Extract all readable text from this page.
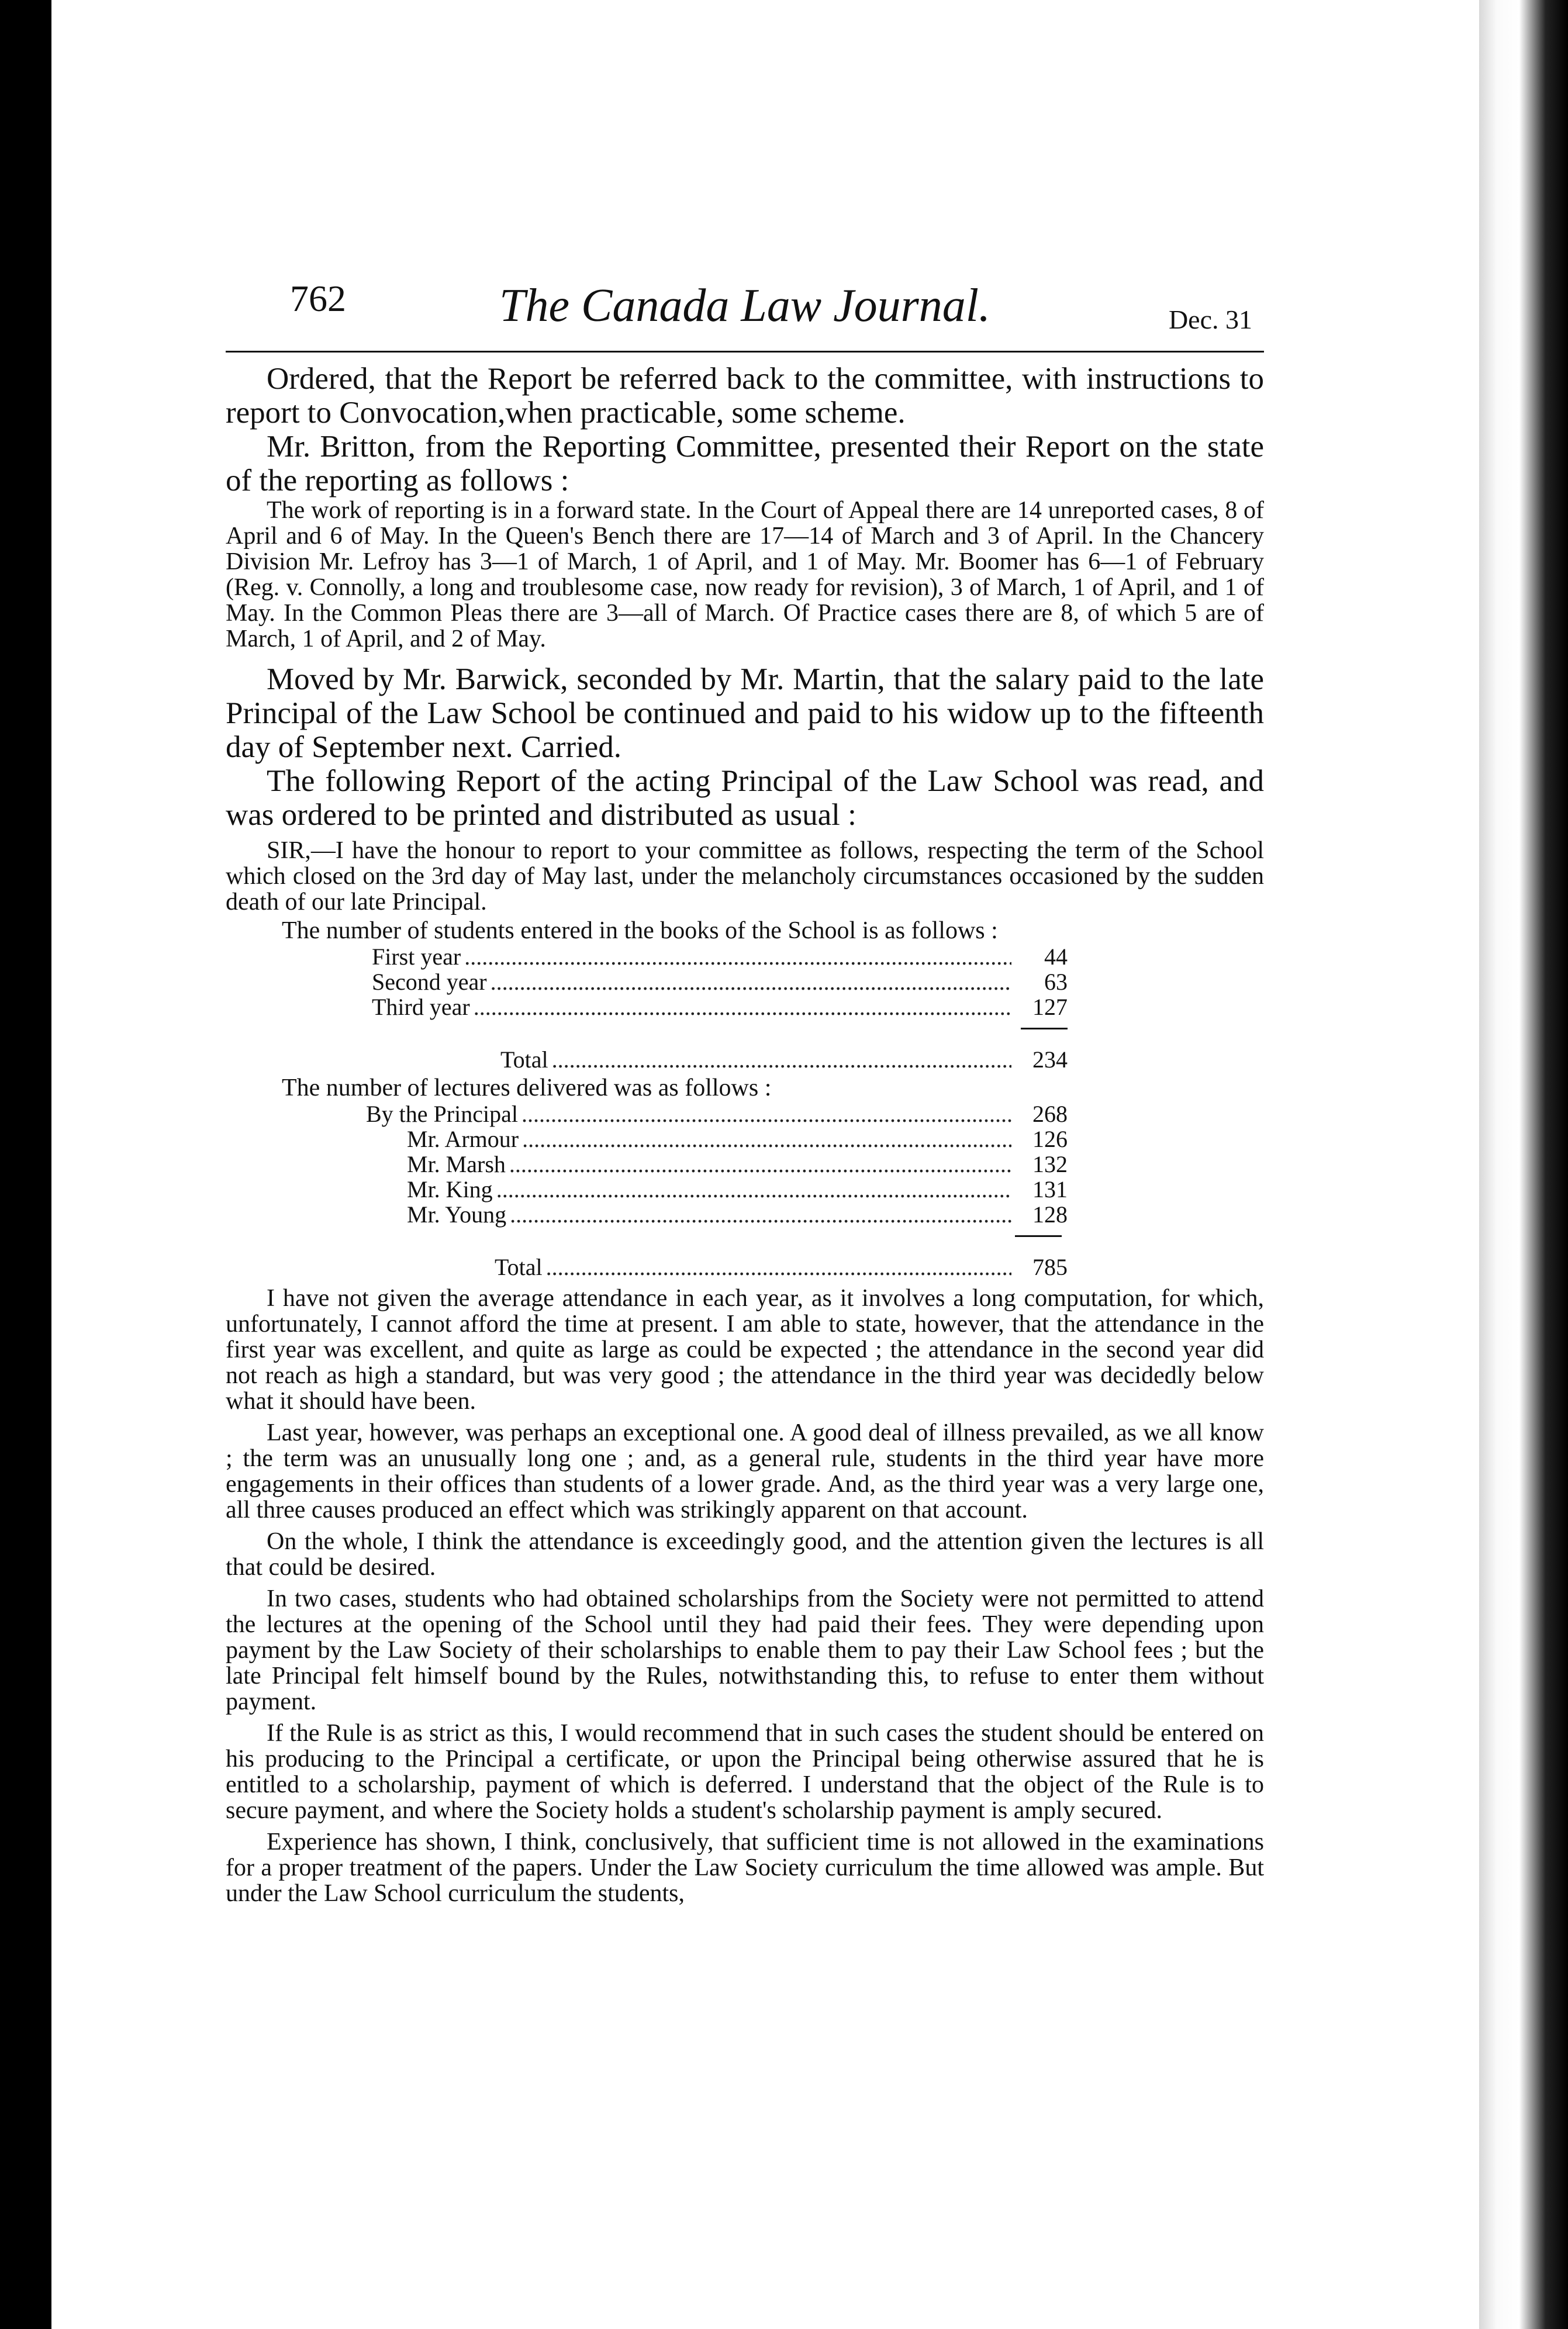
762	The Canada Law Journal.	Dec. 31

Ordered, that the Report be referred back to the committee, with instructions to report to Convocation,when practicable, some scheme.

Mr. Britton, from the Reporting Committee, presented their Report on the state of the reporting as follows :

The work of reporting is in a forward state. In the Court of Appeal there are 14 unreported cases, 8 of April and 6 of May. In the Queen's Bench there are 17—14 of March and 3 of April. In the Chancery Division Mr. Lefroy has 3—1 of March, 1 of April, and 1 of May. Mr. Boomer has 6—1 of February (Reg. v. Connolly, a long and troublesome case, now ready for revision), 3 of March, 1 of April, and 1 of May. In the Common Pleas there are 3—all of March. Of Practice cases there are 8, of which 5 are of March, 1 of April, and 2 of May.

Moved by Mr. Barwick, seconded by Mr. Martin, that the salary paid to the late Principal of the Law School be continued and paid to his widow up to the fifteenth day of September next. Carried.

The following Report of the acting Principal of the Law School was read, and was ordered to be printed and distributed as usual :

SIR,—I have the honour to report to your committee as follows, respecting the term of the School which closed on the 3rd day of May last, under the melancholy circumstances occasioned by the sudden death of our late Principal.

The number of students entered in the books of the School is as follows :
First year .....	44
Second year .....	63
Third year .....	127
Total .....	234
The number of lectures delivered was as follows :
By the Principal .....	268
Mr. Armour .....	126
Mr. Marsh .....	132
Mr. King .....	131
Mr. Young .....	128
Total .....	785

I have not given the average attendance in each year, as it involves a long computation, for which, unfortunately, I cannot afford the time at present. I am able to state, however, that the attendance in the first year was excellent, and quite as large as could be expected ; the attendance in the second year did not reach as high a standard, but was very good ; the attendance in the third year was decidedly below what it should have been.

Last year, however, was perhaps an exceptional one. A good deal of illness prevailed, as we all know ; the term was an unusually long one ; and, as a general rule, students in the third year have more engagements in their offices than students of a lower grade. And, as the third year was a very large one, all three causes produced an effect which was strikingly apparent on that account.

On the whole, I think the attendance is exceedingly good, and the attention given the lectures is all that could be desired.

In two cases, students who had obtained scholarships from the Society were not permitted to attend the lectures at the opening of the School until they had paid their fees. They were depending upon payment by the Law Society of their scholarships to enable them to pay their Law School fees ; but the late Principal felt himself bound by the Rules, notwithstanding this, to refuse to enter them without payment.

If the Rule is as strict as this, I would recommend that in such cases the student should be entered on his producing to the Principal a certificate, or upon the Principal being otherwise assured that he is entitled to a scholarship, payment of which is deferred. I understand that the object of the Rule is to secure payment, and where the Society holds a student's scholarship payment is amply secured.

Experience has shown, I think, conclusively, that sufficient time is not allowed in the examinations for a proper treatment of the papers. Under the Law Society curriculum the time allowed was ample. But under the Law School curriculum the students,
